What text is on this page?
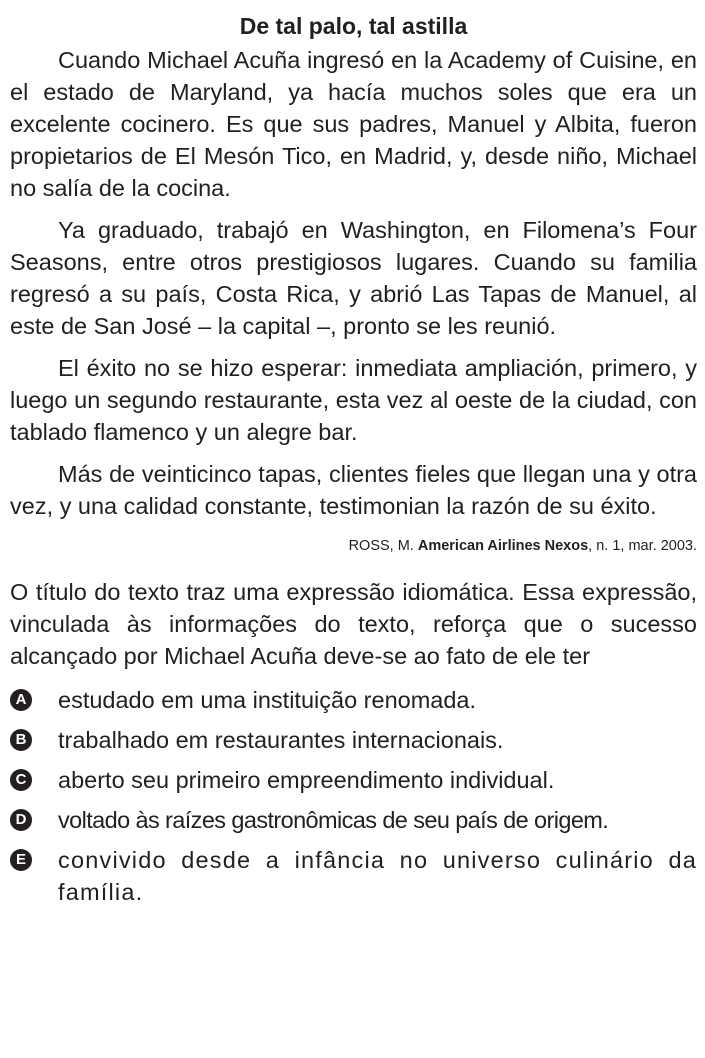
De tal palo, tal astilla

Cuando Michael Acuña ingresó en la Academy of Cuisine, en el estado de Maryland, ya hacía muchos soles que era un excelente cocinero. Es que sus padres, Manuel y Albita, fueron propietarios de El Mesón Tico, en Madrid, y, desde niño, Michael no salía de la cocina.

Ya graduado, trabajó en Washington, en Filomena’s Four Seasons, entre otros prestigiosos lugares. Cuando su familia regresó a su país, Costa Rica, y abrió Las Tapas de Manuel, al este de San José – la capital –, pronto se les reunió.

El éxito no se hizo esperar: inmediata ampliación, primero, y luego un segundo restaurante, esta vez al oeste de la ciudad, con tablado flamenco y un alegre bar.

Más de veinticinco tapas, clientes fieles que llegan una y otra vez, y una calidad constante, testimonian la razón de su éxito.

ROSS, M. American Airlines Nexos, n. 1, mar. 2003.

O título do texto traz uma expressão idiomática. Essa expressão, vinculada às informações do texto, reforça que o sucesso alcançado por Michael Acuña deve-se ao fato de ele ter

A estudado em uma instituição renomada.
B trabalhado em restaurantes internacionais.
C aberto seu primeiro empreendimento individual.
D voltado às raízes gastronômicas de seu país de origem.
E convivido desde a infância no universo culinário da família.
